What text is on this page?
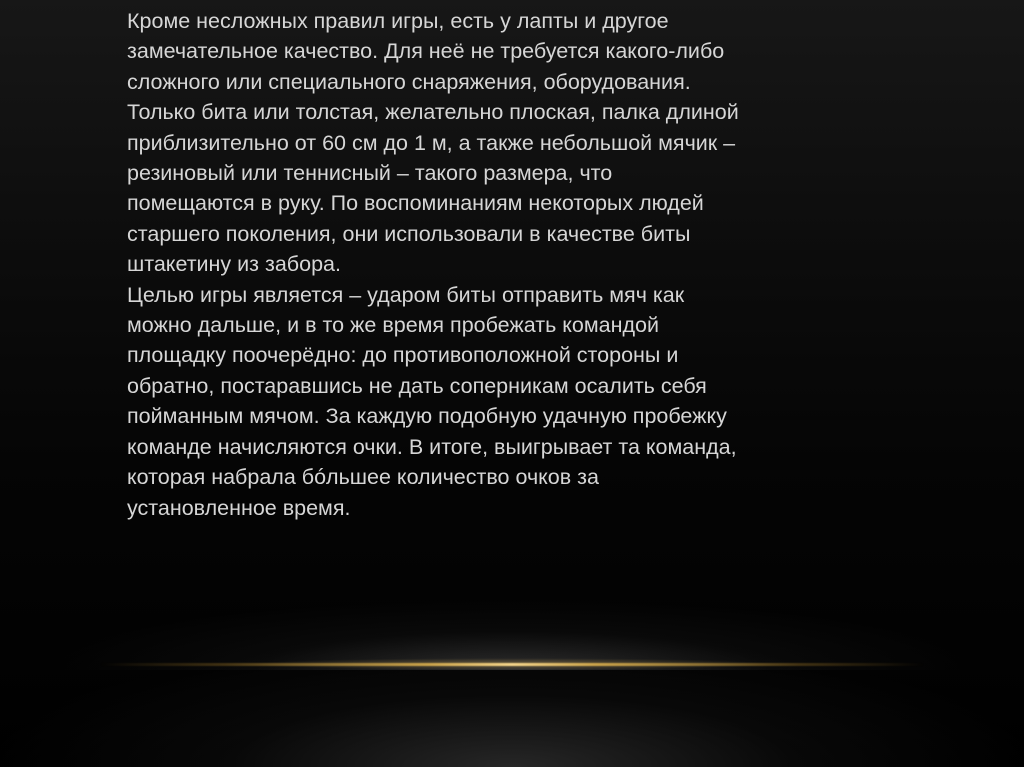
Кроме несложных правил игры, есть у лапты и другое
замечательное качество. Для неё не требуется какого-либо
сложного или специального снаряжения, оборудования.
Только бита или толстая, желательно плоская, палка длиной
приблизительно от 60 см до 1 м, а также небольшой мячик –
резиновый или теннисный – такого размера, что
помещаются в руку. По воспоминаниям некоторых людей
старшего поколения, они использовали в качестве биты
штакетину из забора.

Целью игры является – ударом биты отправить мяч как
можно дальше, и в то же время пробежать командой
площадку поочерёдно: до противоположной стороны и
обратно, постаравшись не дать соперникам осалить себя
пойманным мячом. За каждую подобную удачную пробежку
команде начисляются очки. В итоге, выигрывает та команда,
которая набрала бóльшее количество очков за
установленное время.
